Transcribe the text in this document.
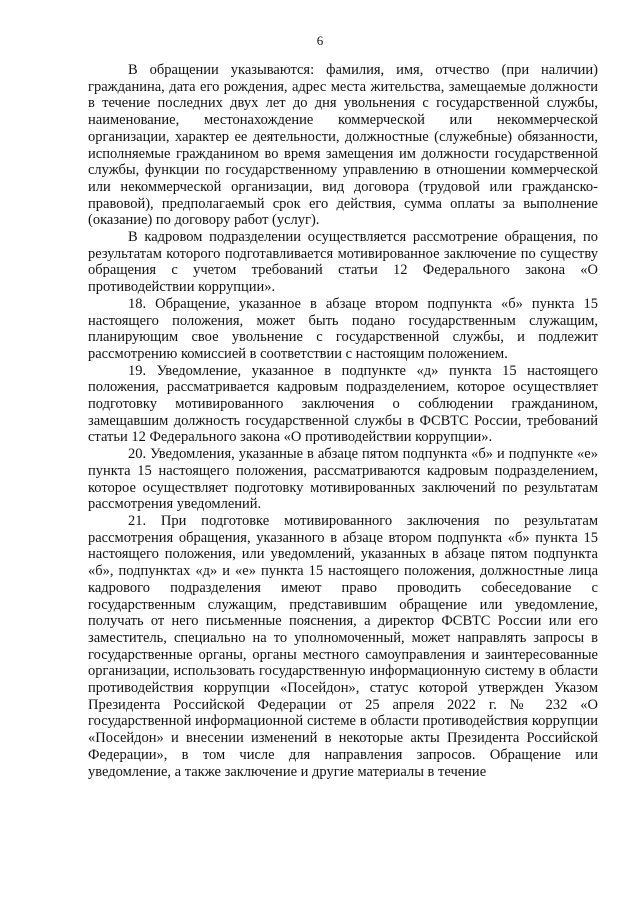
6

В обращении указываются: фамилия, имя, отчество (при наличии) гражданина, дата его рождения, адрес места жительства, замещаемые должности в течение последних двух лет до дня увольнения с государственной службы, наименование, местонахождение коммерческой или некоммерческой организации, характер ее деятельности, должностные (служебные) обязанности, исполняемые гражданином во время замещения им должности государственной службы, функции по государственному управлению в отношении коммерческой или некоммерческой организации, вид договора (трудовой или гражданско-правовой), предполагаемый срок его действия, сумма оплаты за выполнение (оказание) по договору работ (услуг).

В кадровом подразделении осуществляется рассмотрение обращения, по результатам которого подготавливается мотивированное заключение по существу обращения с учетом требований статьи 12 Федерального закона «О противодействии коррупции».

18. Обращение, указанное в абзаце втором подпункта «б» пункта 15 настоящего положения, может быть подано государственным служащим, планирующим свое увольнение с государственной службы, и подлежит рассмотрению комиссией в соответствии с настоящим положением.

19. Уведомление, указанное в подпункте «д» пункта 15 настоящего положения, рассматривается кадровым подразделением, которое осуществляет подготовку мотивированного заключения о соблюдении гражданином, замещавшим должность государственной службы в ФСВТС России, требований статьи 12 Федерального закона «О противодействии коррупции».

20. Уведомления, указанные в абзаце пятом подпункта «б» и подпункте «е» пункта 15 настоящего положения, рассматриваются кадровым подразделением, которое осуществляет подготовку мотивированных заключений по результатам рассмотрения уведомлений.

21. При подготовке мотивированного заключения по результатам рассмотрения обращения, указанного в абзаце втором подпункта «б» пункта 15 настоящего положения, или уведомлений, указанных в абзаце пятом подпункта «б», подпунктах «д» и «е» пункта 15 настоящего положения, должностные лица кадрового подразделения имеют право проводить собеседование с государственным служащим, представившим обращение или уведомление, получать от него письменные пояснения, а директор ФСВТС России или его заместитель, специально на то уполномоченный, может направлять запросы в государственные органы, органы местного самоуправления и заинтересованные организации, использовать государственную информационную систему в области противодействия коррупции «Посейдон», статус которой утвержден Указом Президента Российской Федерации от 25 апреля 2022 г. № 232 «О государственной информационной системе в области противодействия коррупции «Посейдон» и внесении изменений в некоторые акты Президента Российской Федерации», в том числе для направления запросов. Обращение или уведомление, а также заключение и другие материалы в течение
